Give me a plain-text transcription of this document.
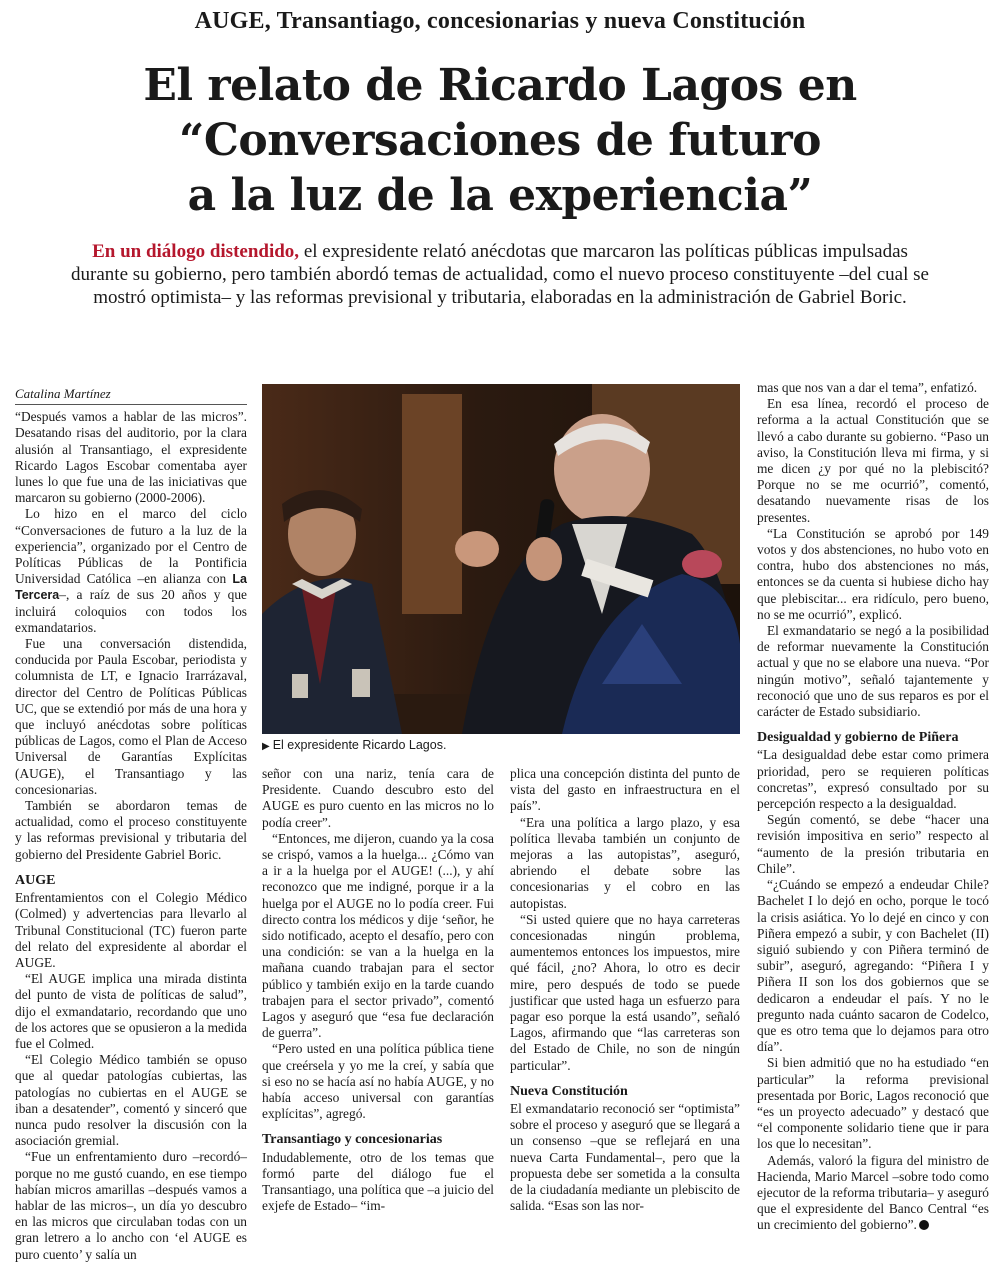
AUGE, Transantiago, concesionarias y nueva Constitución
El relato de Ricardo Lagos en
“Conversaciones de futuro
a la luz de la experiencia”
En un diálogo distendido, el expresidente relató anécdotas que marcaron las políticas públicas impulsadas durante su gobierno, pero también abordó temas de actualidad, como el nuevo proceso constituyente –del cual se mostró optimista– y las reformas previsional y tributaria, elaboradas en la administración de Gabriel Boric.
Catalina Martínez

“Después vamos a hablar de las micros”. Desatando risas del auditorio, por la clara alusión al Transantiago, el expresidente Ricardo Lagos Escobar comentaba ayer lunes lo que fue una de las iniciativas que marcaron su gobierno (2000-2006).

Lo hizo en el marco del ciclo “Conversaciones de futuro a la luz de la experiencia”, organizado por el Centro de Políticas Públicas de la Pontificia Universidad Católica –en alianza con La Tercera–, a raíz de sus 20 años y que incluirá coloquios con todos los exmandatarios.

Fue una conversación distendida, conducida por Paula Escobar, periodista y columnista de LT, e Ignacio Irarrázaval, director del Centro de Políticas Públicas UC, que se extendió por más de una hora y que incluyó anécdotas sobre políticas públicas de Lagos, como el Plan de Acceso Universal de Garantías Explícitas (AUGE), el Transantiago y las concesionarias.

También se abordaron temas de actualidad, como el proceso constituyente y las reformas previsional y tributaria del gobierno del Presidente Gabriel Boric.

AUGE

Enfrentamientos con el Colegio Médico (Colmed) y advertencias para llevarlo al Tribunal Constitucional (TC) fueron parte del relato del expresidente al abordar el AUGE.

“El AUGE implica una mirada distinta del punto de vista de políticas de salud”, dijo el exmandatario, recordando que uno de los actores que se opusieron a la medida fue el Colmed.

“El Colegio Médico también se opuso que al quedar patologías cubiertas, las patologías no cubiertas en el AUGE se iban a desatender”, comentó y sinceró que nunca pudo resolver la discusión con la asociación gremial.

“Fue un enfrentamiento duro –recordó– porque no me gustó cuando, en ese tiempo habían micros amarillas –después vamos a hablar de las micros–, un día yo descubro en las micros que circulaban todas con un gran letrero a lo ancho con ‘el AUGE es puro cuento’ y salía un

▶ El expresidente Ricardo Lagos.

señor con una nariz, tenía cara de Presidente. Cuando descubro esto del AUGE es puro cuento en las micros no lo podía creer”.

“Entonces, me dijeron, cuando ya la cosa se crispó, vamos a la huelga... ¿Cómo van a ir a la huelga por el AUGE! (...), y ahí reconozco que me indigné, porque ir a la huelga por el AUGE no lo podía creer. Fui directo contra los médicos y dije ‘señor, he sido notificado, acepto el desafío, pero con una condición: se van a la huelga en la mañana cuando trabajan para el sector público y también exijo en la tarde cuando trabajen para el sector privado”, comentó Lagos y aseguró que “esa fue declaración de guerra”.

“Pero usted en una política pública tiene que creérsela y yo me la creí, y sabía que si eso no se hacía así no había AUGE, y no había acceso universal con garantías explícitas”, agregó.

Transantiago y concesionarias

Indudablemente, otro de los temas que formó parte del diálogo fue el Transantiago, una política que –a juicio del exjefe de Estado– “im-

plica una concepción distinta del punto de vista del gasto en infraestructura en el país”.

“Era una política a largo plazo, y esa política llevaba también un conjunto de mejoras a las autopistas”, aseguró, abriendo el debate sobre las concesionarias y el cobro en las autopistas.

“Si usted quiere que no haya carreteras concesionadas ningún problema, aumentemos entonces los impuestos, mire qué fácil, ¿no? Ahora, lo otro es decir mire, pero después de todo se puede justificar que usted haga un esfuerzo para pagar eso porque la está usando”, señaló Lagos, afirmando que “las carreteras son del Estado de Chile, no son de ningún particular”.

Nueva Constitución

El exmandatario reconoció ser “optimista” sobre el proceso y aseguró que se llegará a un consenso –que se reflejará en una nueva Carta Fundamental–, pero que la propuesta debe ser sometida a la consulta de la ciudadanía mediante un plebiscito de salida. “Esas son las nor-

mas que nos van a dar el tema”, enfatizó.

En esa línea, recordó el proceso de reforma a la actual Constitución que se llevó a cabo durante su gobierno. “Paso un aviso, la Constitución lleva mi firma, y si me dicen ¿y por qué no la plebiscitó? Porque no se me ocurrió”, comentó, desatando nuevamente risas de los presentes.

“La Constitución se aprobó por 149 votos y dos abstenciones, no hubo voto en contra, hubo dos abstenciones no más, entonces se da cuenta si hubiese dicho hay que plebiscitar... era ridículo, pero bueno, no se me ocurrió”, explicó.

El exmandatario se negó a la posibilidad de reformar nuevamente la Constitución actual y que no se elabore una nueva. “Por ningún motivo”, señaló tajantemente y reconoció que uno de sus reparos es por el carácter de Estado subsidiario.

Desigualdad y gobierno de Piñera

“La desigualdad debe estar como primera prioridad, pero se requieren políticas concretas”, expresó consultado por su percepción respecto a la desigualdad.

Según comentó, se debe “hacer una revisión impositiva en serio” respecto al “aumento de la presión tributaria en Chile”.

“¿Cuándo se empezó a endeudar Chile? Bachelet I lo dejó en ocho, porque le tocó la crisis asiática. Yo lo dejé en cinco y con Piñera empezó a subir, y con Bachelet (II) siguió subiendo y con Piñera terminó de subir”, aseguró, agregando: “Piñera I y Piñera II son los dos gobiernos que se dedicaron a endeudar el país. Y no le pregunto nada cuánto sacaron de Codelco, que es otro tema que lo dejamos para otro día”.

Si bien admitió que no ha estudiado “en particular” la reforma previsional presentada por Boric, Lagos reconoció que “es un proyecto adecuado” y destacó que “el componente solidario tiene que ir para los que lo necesitan”.

Además, valoró la figura del ministro de Hacienda, Mario Marcel –sobre todo como ejecutor de la reforma tributaria– y aseguró que el expresidente del Banco Central “es un crecimiento del gobierno”.
